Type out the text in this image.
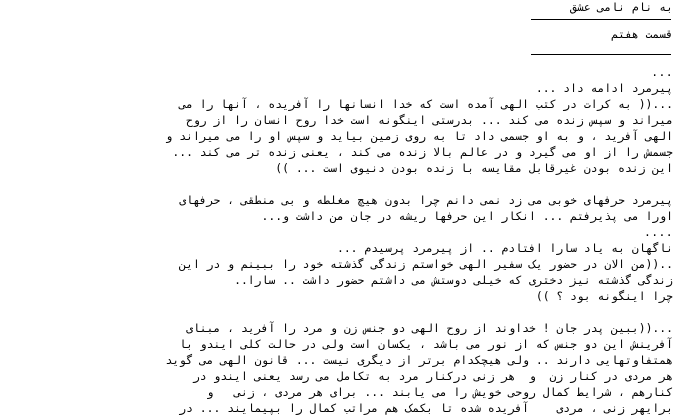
به نام نامی عشق
قسمت هفتم
...
پیرمرد ادامه داد ...
...(( به کرات در کتب الهی آمده است که خدا انسانها را آفریده ، آنها را می
میراند و سپس زنده می کند ... بدرستی اینگونه است خدا روح انسان را از روح
الهی آفرید ، و به او جسمی داد تا به روی زمین بیاید و سپس او را می میراند و
جسمش را از او می گیرد و در عالم بالا زنده می کند ، یعنی زنده تر می کند ...
این زنده بودن غیرقابل مقایسه با زنده بودن دنیوی است ... ))
پیرمرد حرفهای خوبی می زد نمی دانم چرا بدون هیچ مغلطه و بی منطقی ، حرفهای
اورا می پذیرفتم ... انکار این حرفها ریشه در جان من داشت و...
....
ناگهان به یاد سارا افتادم .. از پیرمرد پرسیدم ...
..((من الان در حضور یک سفیر الهی خواستم زندگی گذشته خود را ببینم و در این
زندگی گذشته نیز دختری که خیلی دوستش می داشتم حضور داشت .. سارا..
چرا اینگونه بود ؟ ))
...((ببین پدر جان ! خداوند از روح الهی دو جنس زن و مرد را آفرید ، مبنای
آفرینش این دو جنس که از نور می باشد ، یکسان است ولی در حالت کلی ایندو با
همتفاوتهایی دارند .. ولی هیچکدام برتر از دیگری نیست ... قانون الهی می گوید
هر مردی در کنار زن  و  هر زنی درکنار مرد به تکامل می رسد یعنی ایندو در
کنارهم ، شرایط کمال روحی خویش را می یابند ... برای هر مردی ، زنی   و
برایهر زنی ، مردی    آفریده شده تا بکمک هم مراتب کمال را بپیمایند ... در
